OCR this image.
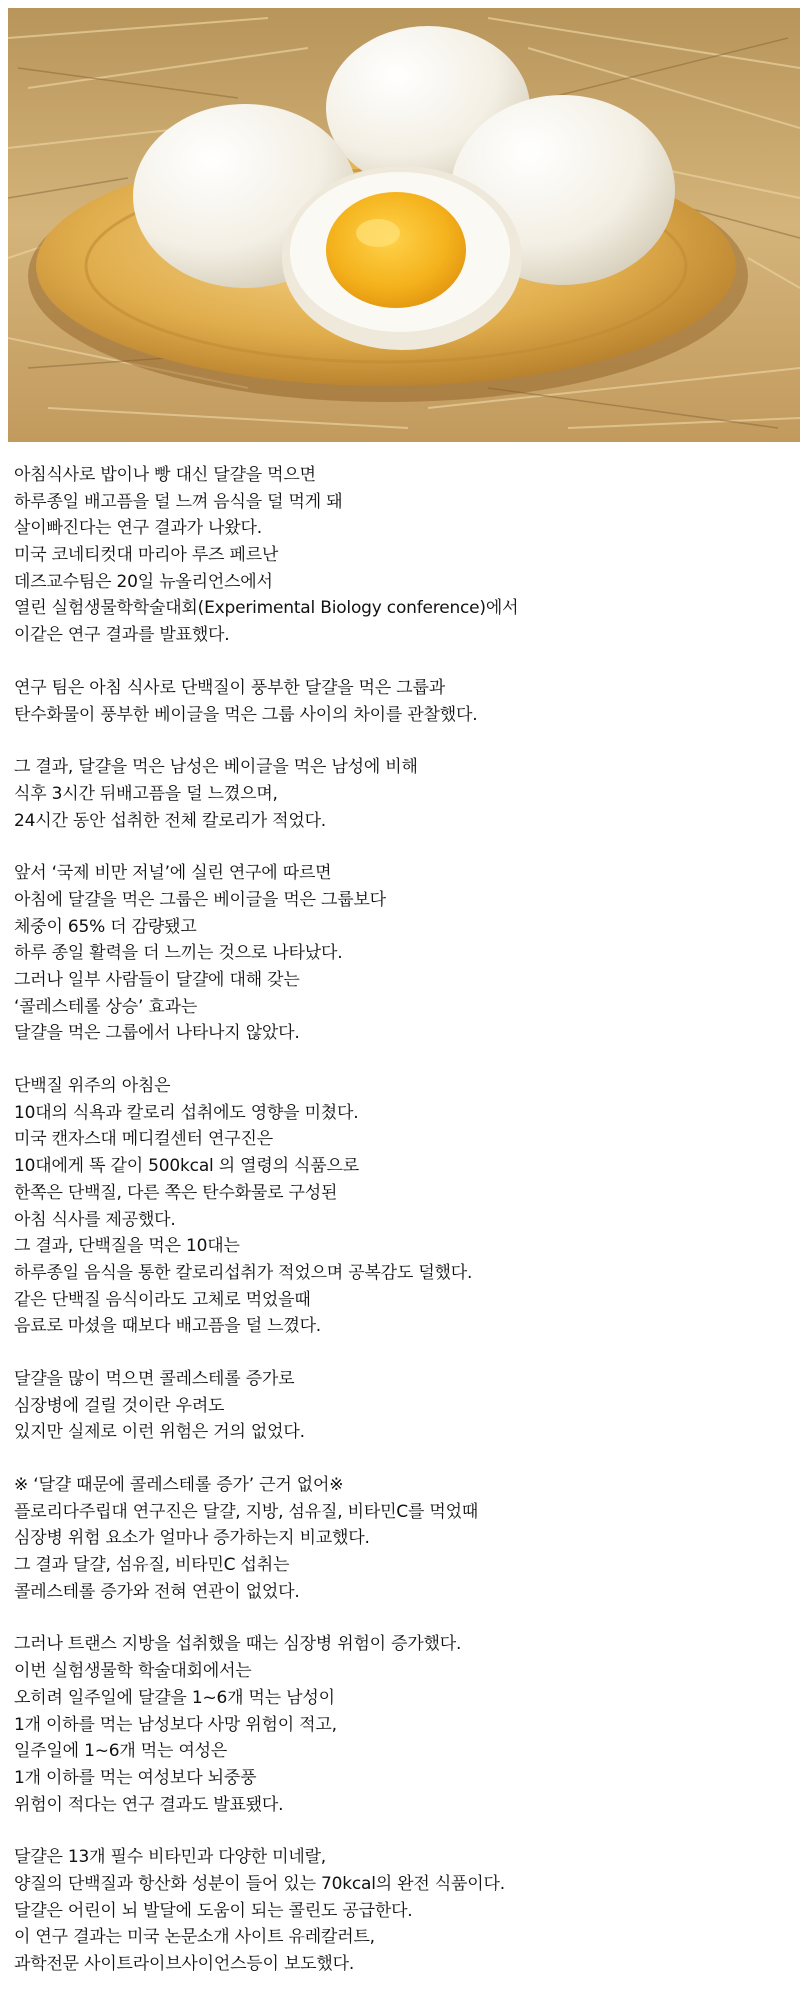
아침식사로 밥이나 빵 대신 달걀을 먹으면
하루종일 배고픔을 덜 느껴 음식을 덜 먹게 돼
살이빠진다는 연구 결과가 나왔다.
미국 코네티컷대 마리아 루즈 페르난
데즈교수팀은 20일 뉴올리언스에서
열린 실험생물학학술대회(Experimental Biology conference)에서
이같은 연구 결과를 발표했다.

연구 팀은 아침 식사로 단백질이 풍부한 달걀을 먹은 그룹과
탄수화물이 풍부한 베이글을 먹은 그룹 사이의 차이를 관찰했다.

그 결과, 달걀을 먹은 남성은 베이글을 먹은 남성에 비해
식후 3시간 뒤배고픔을 덜 느꼈으며,
24시간 동안 섭취한 전체 칼로리가 적었다.

앞서 ‘국제 비만 저널’에 실린 연구에 따르면
아침에 달걀을 먹은 그룹은 베이글을 먹은 그룹보다
체중이 65% 더 감량됐고
하루 종일 활력을 더 느끼는 것으로 나타났다.
그러나 일부 사람들이 달걀에 대해 갖는
‘콜레스테롤 상승’ 효과는
달걀을 먹은 그룹에서 나타나지 않았다.

단백질 위주의 아침은
10대의 식욕과 칼로리 섭취에도 영향을 미쳤다.
미국 캔자스대 메디컬센터 연구진은
10대에게 똑 같이 500kcal 의 열령의 식품으로
한쪽은 단백질, 다른 쪽은 탄수화물로 구성된
아침 식사를 제공했다.
그 결과, 단백질을 먹은 10대는
하루종일 음식을 통한 칼로리섭취가 적었으며 공복감도 덜했다.
같은 단백질 음식이라도 고체로 먹었을때
음료로 마셨을 때보다 배고픔을 덜 느꼈다.

달걀을 많이 먹으면 콜레스테롤 증가로
심장병에 걸릴 것이란 우려도
있지만 실제로 이런 위험은 거의 없었다.

※ ‘달걀 때문에 콜레스테롤 증가’ 근거 없어※
플로리다주립대 연구진은 달걀, 지방, 섬유질, 비타민C를 먹었때
심장병 위험 요소가 얼마나 증가하는지 비교했다.
그 결과 달걀, 섬유질, 비타민C 섭취는
콜레스테롤 증가와 전혀 연관이 없었다.

그러나 트랜스 지방을 섭취했을 때는 심장병 위험이 증가했다.
이번 실험생물학 학술대회에서는
오히려 일주일에 달걀을 1~6개 먹는 남성이
1개 이하를 먹는 남성보다 사망 위험이 적고,
일주일에 1~6개 먹는 여성은
1개 이하를 먹는 여성보다 뇌중풍
위험이 적다는 연구 결과도 발표됐다.

달걀은 13개 필수 비타민과 다양한 미네랄,
양질의 단백질과 항산화 성분이 들어 있는 70kcal의 완전 식품이다.
달걀은 어린이 뇌 발달에 도움이 되는 콜린도 공급한다.
이 연구 결과는 미국 논문소개 사이트 유레칼러트,
과학전문 사이트라이브사이언스등이 보도했다.
